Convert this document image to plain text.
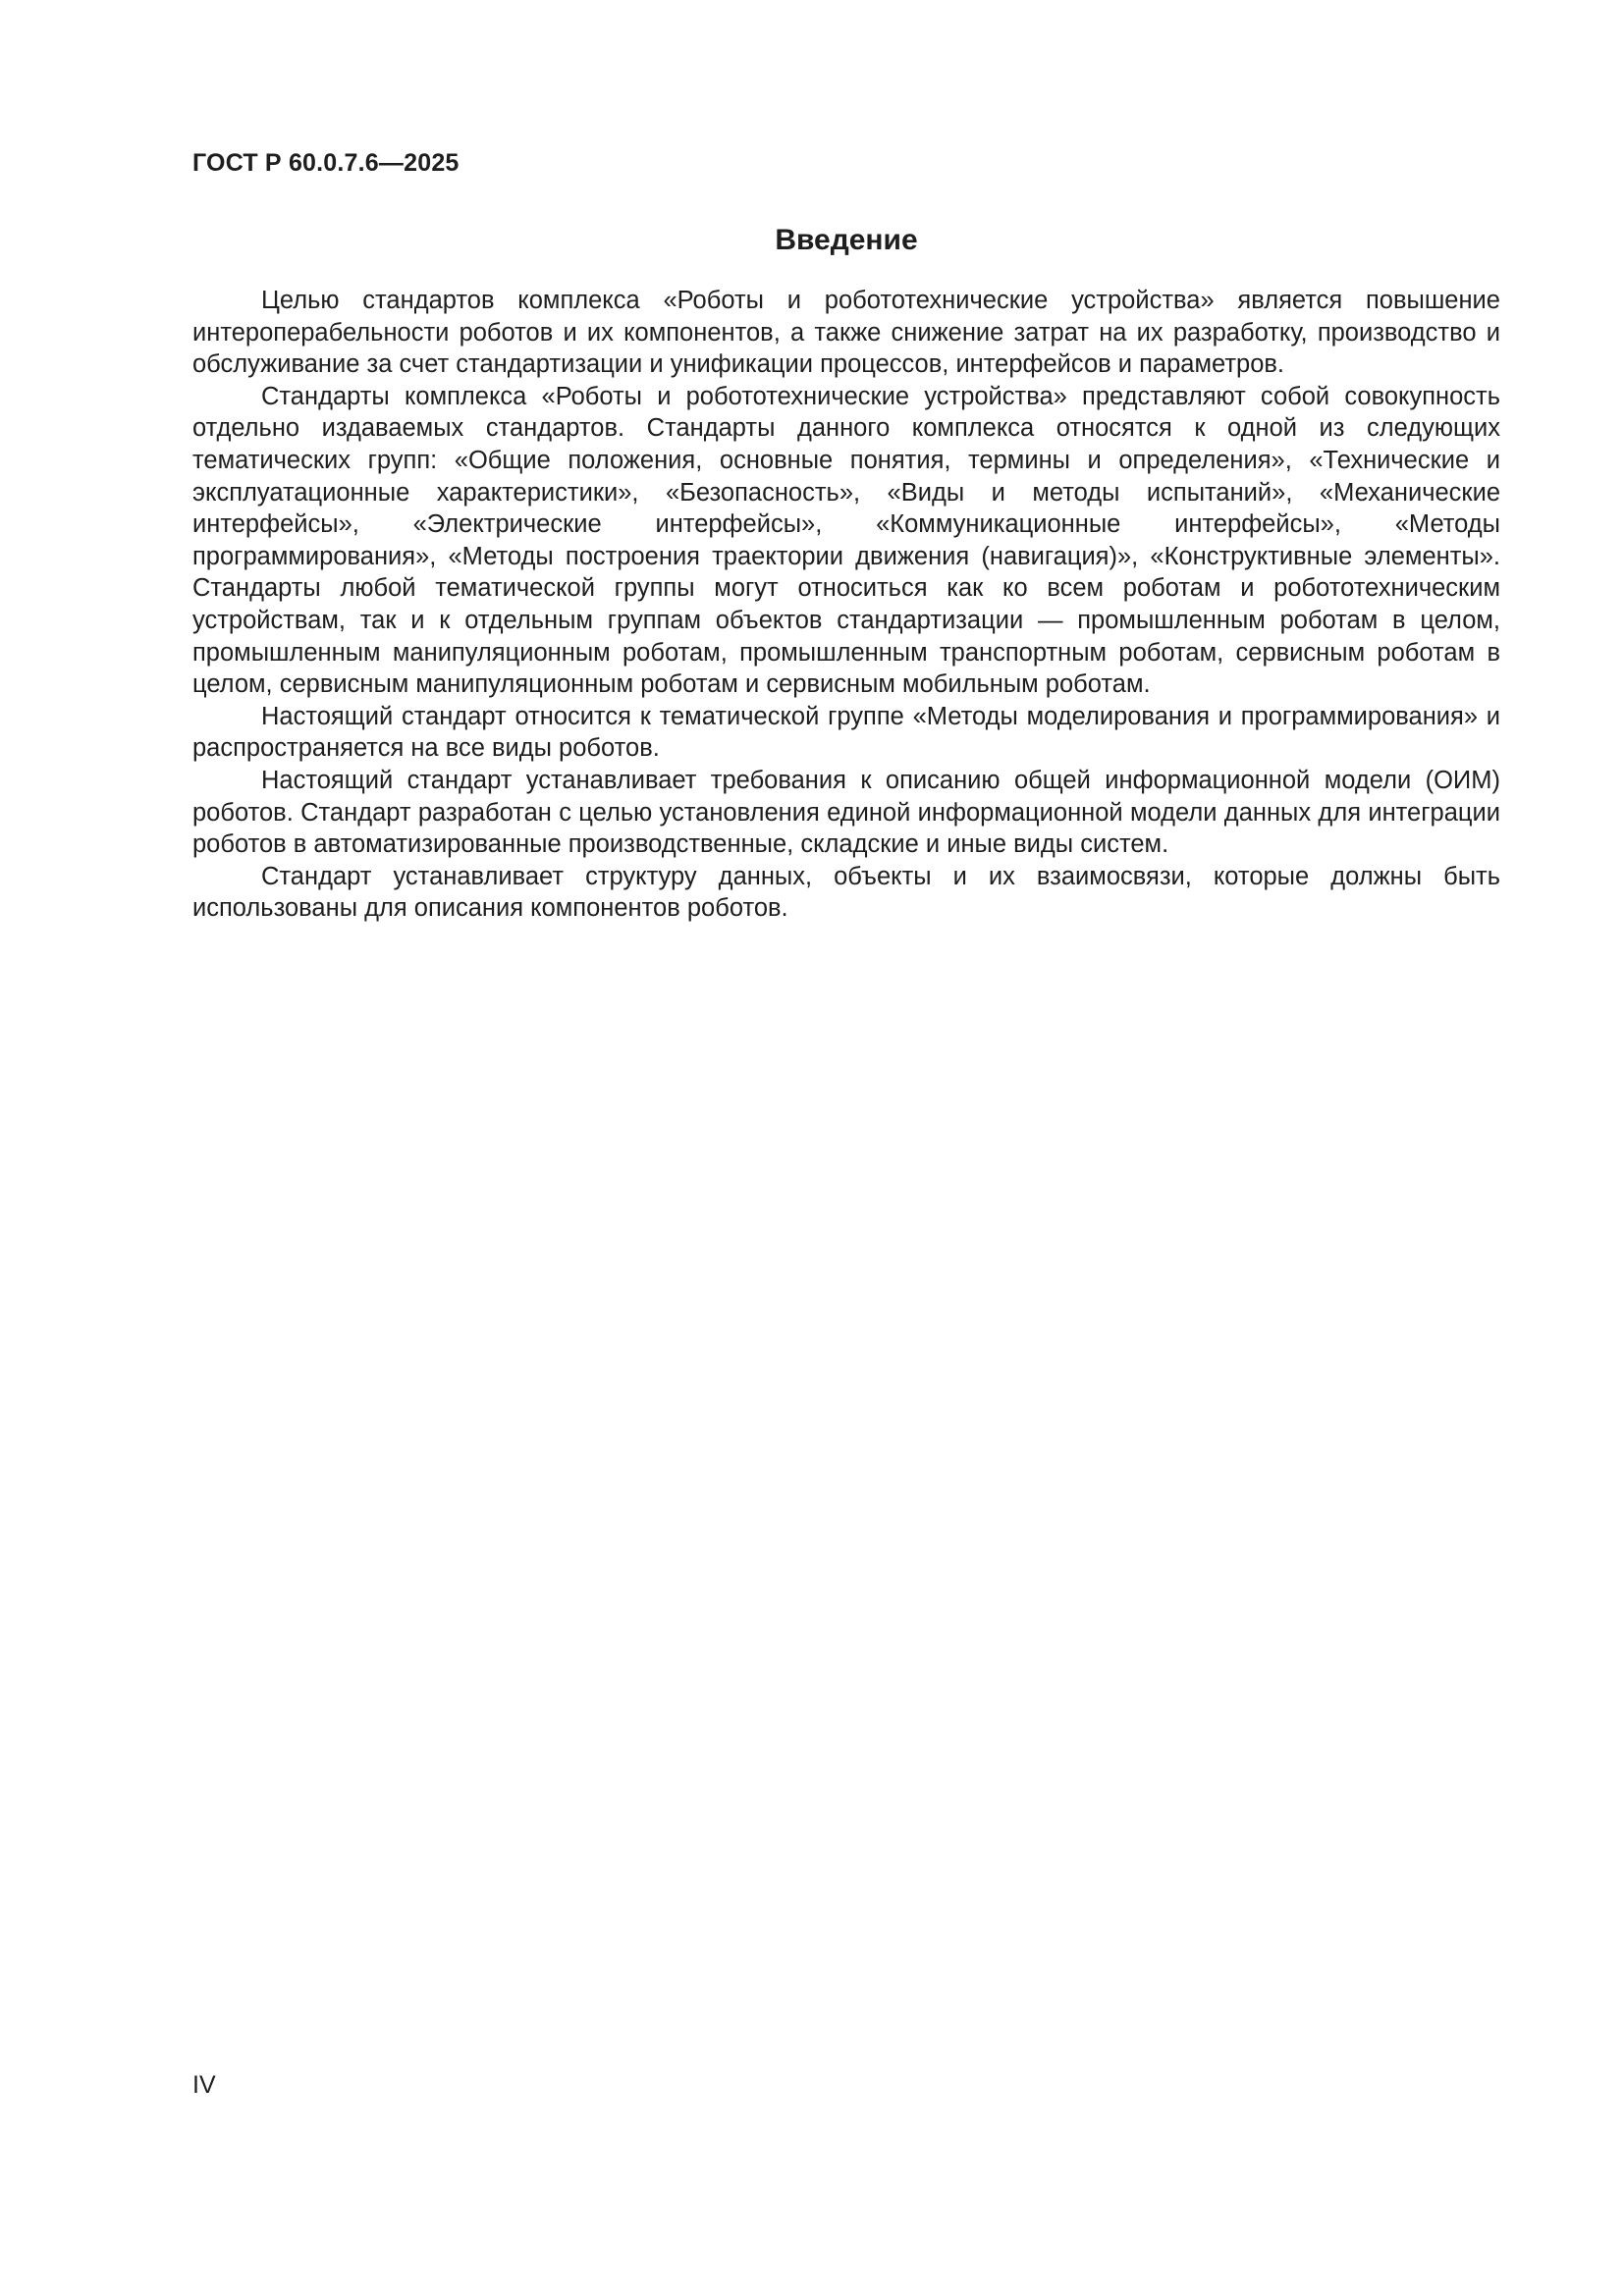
ГОСТ Р 60.0.7.6—2025
Введение

Целью стандартов комплекса «Роботы и робототехнические устройства» является повышение интероперабельности роботов и их компонентов, а также снижение затрат на их разработку, производство и обслуживание за счет стандартизации и унификации процессов, интерфейсов и параметров.

Стандарты комплекса «Роботы и робототехнические устройства» представляют собой совокупность отдельно издаваемых стандартов. Стандарты данного комплекса относятся к одной из следующих тематических групп: «Общие положения, основные понятия, термины и определения», «Технические и эксплуатационные характеристики», «Безопасность», «Виды и методы испытаний», «Механические интерфейсы», «Электрические интерфейсы», «Коммуникационные интерфейсы», «Методы программирования», «Методы построения траектории движения (навигация)», «Конструктивные элементы». Стандарты любой тематической группы могут относиться как ко всем роботам и робототехническим устройствам, так и к отдельным группам объектов стандартизации — промышленным роботам в целом, промышленным манипуляционным роботам, промышленным транспортным роботам, сервисным роботам в целом, сервисным манипуляционным роботам и сервисным мобильным роботам.

Настоящий стандарт относится к тематической группе «Методы моделирования и программирования» и распространяется на все виды роботов.

Настоящий стандарт устанавливает требования к описанию общей информационной модели (ОИМ) роботов. Стандарт разработан с целью установления единой информационной модели данных для интеграции роботов в автоматизированные производственные, складские и иные виды систем.

Стандарт устанавливает структуру данных, объекты и их взаимосвязи, которые должны быть использованы для описания компонентов роботов.

IV
